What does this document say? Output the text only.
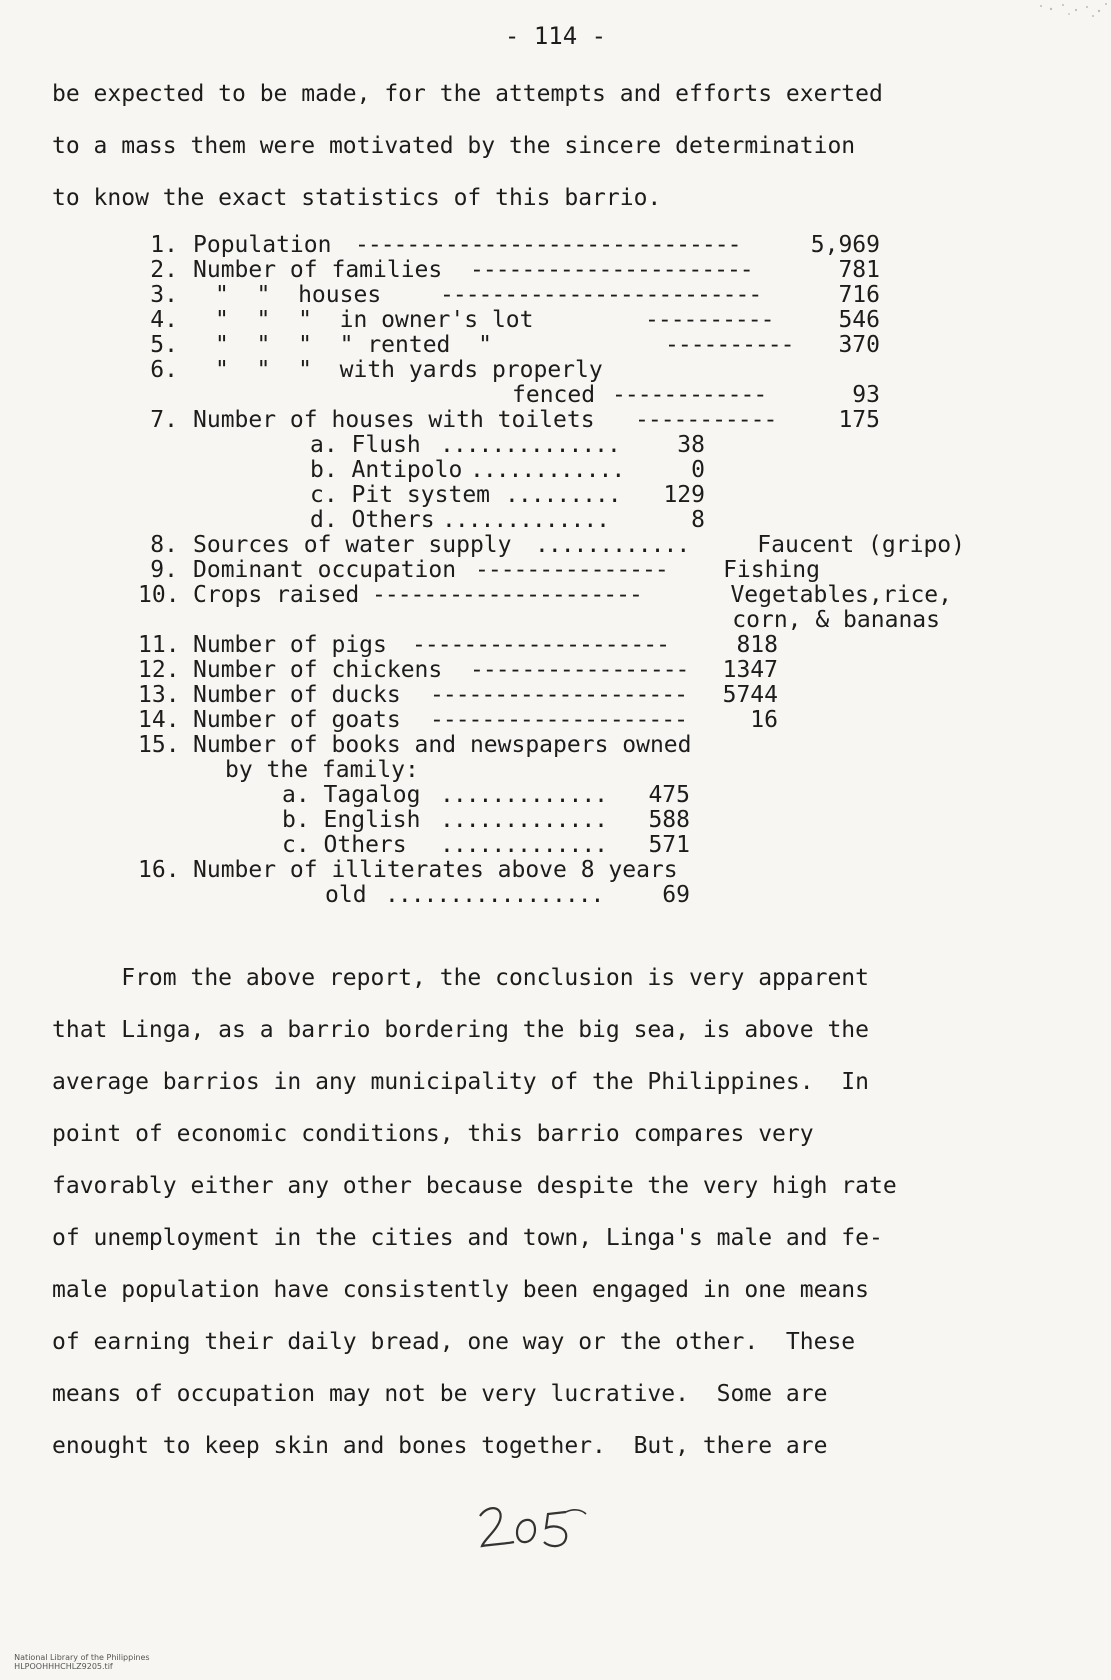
- 114 -
be expected to be made, for the attempts and efforts exerted
to a mass them were motivated by the sincere determination
to know the exact statistics of this barrio.
1. Population ------------------------------	5,969
2. Number of families ----------------------	781
3. "  "  houses	-------------------------	716
4. "  "  "  in owner's lot	----------	546
5. "  "  "  " rented  "	---------- 370
6. "  "  "  with yards properly
fenced ------------	93
7. Number of houses with toilets -----------	175
a. Flush .............. 38
b. Antipolo ............	0
c. Pit system ......... 129
d. Others .............	8
8. Sources of water supply ............	Faucent (gripo)
9. Dominant occupation --------------- Fishing
10. Crops raised ---------------------	Vegetables,rice,
corn, & bananas
11. Number of pigs --------------------	818
12. Number of chickens ----------------- 1347
13. Number of ducks -------------------- 5744
14. Number of goats --------------------	16
15. Number of books and newspapers owned
by the family:
a. Tagalog ............. 475
b. English ............. 588
c. Others ............. 571
16. Number of illiterates above 8 years
old .................	69
From the above report, the conclusion is very apparent
that Linga, as a barrio bordering the big sea, is above the
average barrios in any municipality of the Philippines.  In
point of economic conditions, this barrio compares very
favorably either any other because despite the very high rate
of unemployment in the cities and town, Linga's male and fe-
male population have consistently been engaged in one means
of earning their daily bread, one way or the other.  These
means of occupation may not be very lucrative.  Some are
enought to keep skin and bones together.  But, there are

National Library of the Philippines
HLPOOHHHCHLZ9205.tif
